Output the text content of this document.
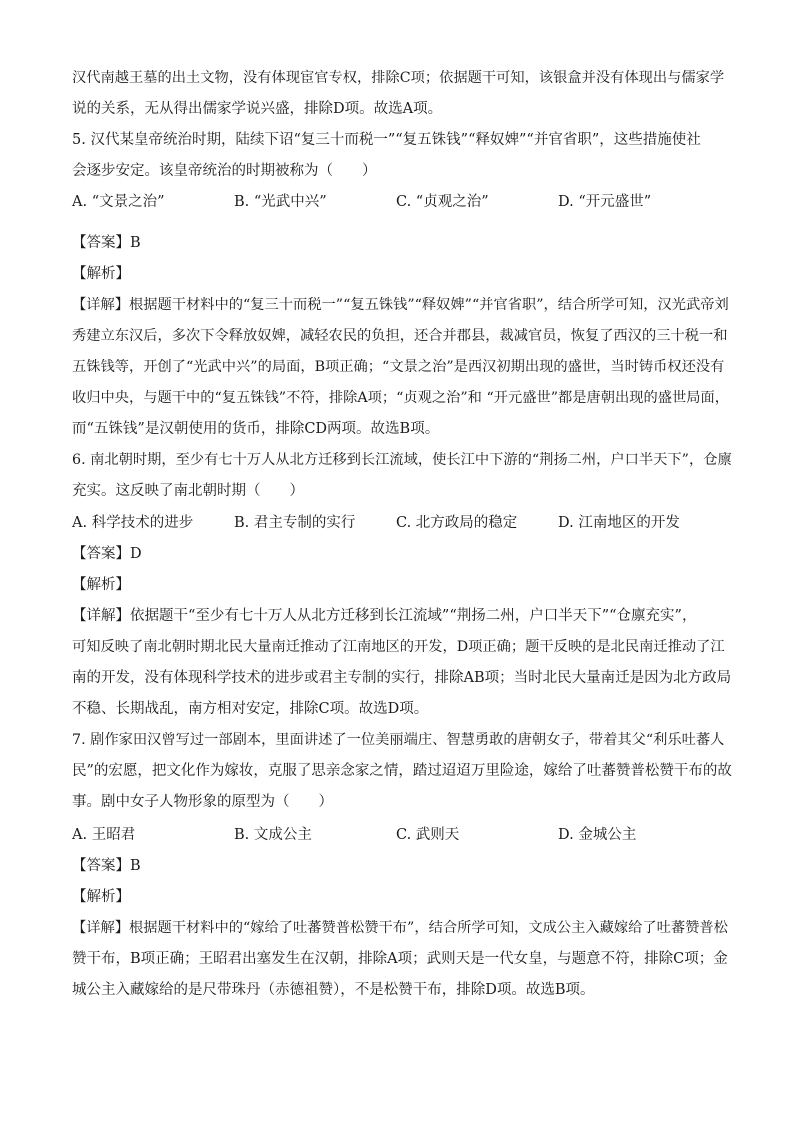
汉代南越王墓的出土文物，没有体现宦官专权，排除C项；依据题干可知，该银盒并没有体现出与儒家学
说的关系，无从得出儒家学说兴盛，排除D项。故选A项。
5. 汉代某皇帝统治时期，陆续下诏“复三十而税一”“复五铢钱”“释奴婢”“并官省职”，这些措施使社
会逐步安定。该皇帝统治的时期被称为（　　）
A. “文景之治”	B. “光武中兴”	C. “贞观之治”	D. “开元盛世”
【答案】B
【解析】
【详解】根据题干材料中的“复三十而税一”“复五铢钱”“释奴婢”“并官省职”，结合所学可知，汉光武帝刘
秀建立东汉后，多次下令释放奴婢，减轻农民的负担，还合并郡县，裁减官员，恢复了西汉的三十税一和
五铢钱等，开创了“光武中兴”的局面，B项正确；“文景之治”是西汉初期出现的盛世，当时铸币权还没有
收归中央，与题干中的“复五铢钱”不符，排除A项；“贞观之治”和 “开元盛世”都是唐朝出现的盛世局面，
而“五铢钱”是汉朝使用的货币，排除CD两项。故选B项。
6. 南北朝时期，至少有七十万人从北方迁移到长江流域，使长江中下游的“荆扬二州，户口半天下”，仓廪
充实。这反映了南北朝时期（　　）
A. 科学技术的进步	B. 君主专制的实行	C. 北方政局的稳定	D. 江南地区的开发
【答案】D
【解析】
【详解】依据题干“至少有七十万人从北方迁移到长江流域”“荆扬二州，户口半天下”“仓廪充实”，
可知反映了南北朝时期北民大量南迁推动了江南地区的开发，D项正确；题干反映的是北民南迁推动了江
南的开发，没有体现科学技术的进步或君主专制的实行，排除AB项；当时北民大量南迁是因为北方政局
不稳、长期战乱，南方相对安定，排除C项。故选D项。
7. 剧作家田汉曾写过一部剧本，里面讲述了一位美丽端庄、智慧勇敢的唐朝女子，带着其父“利乐吐蕃人
民”的宏愿，把文化作为嫁妆，克服了思亲念家之情，踏过迢迢万里险途，嫁给了吐蕃赞普松赞干布的故
事。剧中女子人物形象的原型为（　　）
A. 王昭君	B. 文成公主	C. 武则天	D. 金城公主
【答案】B
【解析】
【详解】根据题干材料中的“嫁给了吐蕃赞普松赞干布”，结合所学可知，文成公主入藏嫁给了吐蕃赞普松
赞干布，B项正确；王昭君出塞发生在汉朝，排除A项；武则天是一代女皇，与题意不符，排除C项；金
城公主入藏嫁给的是尺带珠丹（赤德祖赞），不是松赞干布，排除D项。故选B项。
